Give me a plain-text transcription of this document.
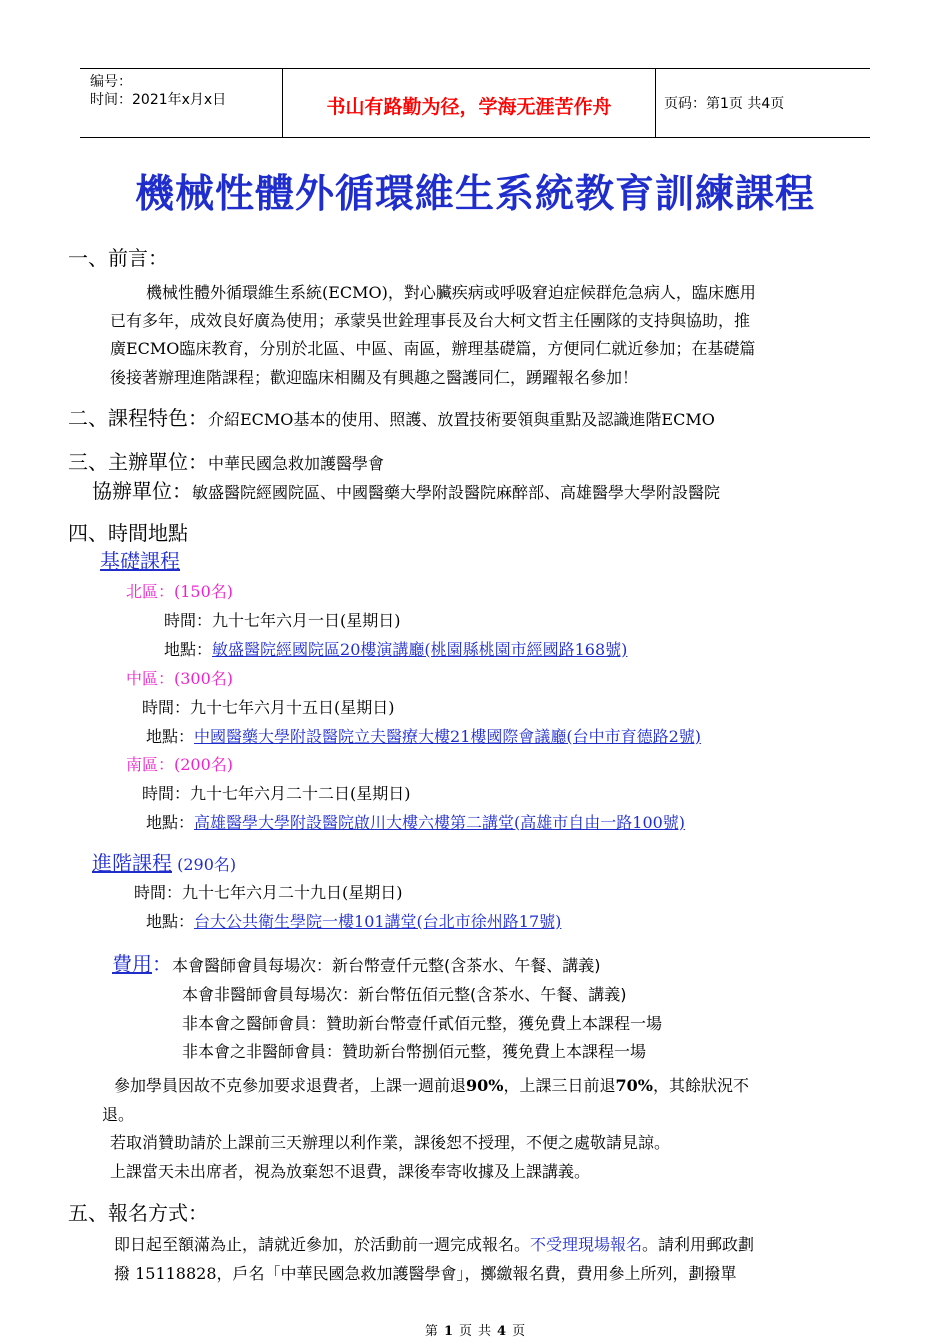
编号：
时间：2021年x月x日	书山有路勤为径，学海无涯苦作舟	页码：第1页 共4页
機械性體外循環維生系統教育訓練課程
一、前言：
機械性體外循環維生系統(ECMO)，對心臟疾病或呼吸窘迫症候群危急病人，臨床應用
已有多年，成效良好廣為使用；承蒙吳世銓理事長及台大柯文哲主任團隊的支持與協助，推
廣ECMO臨床教育，分別於北區、中區、南區，辦理基礎篇，方便同仁就近參加；在基礎篇
後接著辦理進階課程；歡迎臨床相關及有興趣之醫護同仁，踴躍報名參加！
二、課程特色：介紹ECMO基本的使用、照護、放置技術要領與重點及認識進階ECMO
三、主辦單位：中華民國急救加護醫學會
協辦單位：敏盛醫院經國院區、中國醫藥大學附設醫院麻醉部、高雄醫學大學附設醫院
四、時間地點
基礎課程
北區：(150名)
時間：九十七年六月一日(星期日)
地點：敏盛醫院經國院區20樓演講廳(桃園縣桃園市經國路168號)
中區：(300名)
時間：九十七年六月十五日(星期日)
地點：中國醫藥大學附設醫院立夫醫療大樓21樓國際會議廳(台中市育德路2號)
南區：(200名)
時間：九十七年六月二十二日(星期日)
地點：高雄醫學大學附設醫院啟川大樓六樓第二講堂(高雄市自由一路100號)
進階課程 (290名)
時間：九十七年六月二十九日(星期日)
地點：台大公共衛生學院一樓101講堂(台北市徐州路17號)
費用：本會醫師會員每場次：新台幣壹仟元整(含茶水、午餐、講義)
本會非醫師會員每場次：新台幣伍佰元整(含茶水、午餐、講義)
非本會之醫師會員：贊助新台幣壹仟貳佰元整，獲免費上本課程一場
非本會之非醫師會員：贊助新台幣捌佰元整，獲免費上本課程一場
參加學員因故不克參加要求退費者，上課一週前退90%，上課三日前退70%，其餘狀況不
退。
若取消贊助請於上課前三天辦理以利作業，課後恕不授理，不便之處敬請見諒。
上課當天未出席者，視為放棄恕不退費，課後奉寄收據及上課講義。
五、報名方式：
即日起至額滿為止，請就近參加，於活動前一週完成報名。不受理現場報名。請利用郵政劃
撥 15118828，戶名「中華民國急救加護醫學會」，擲繳報名費，費用參上所列，劃撥單
第 1 页 共 4 页
